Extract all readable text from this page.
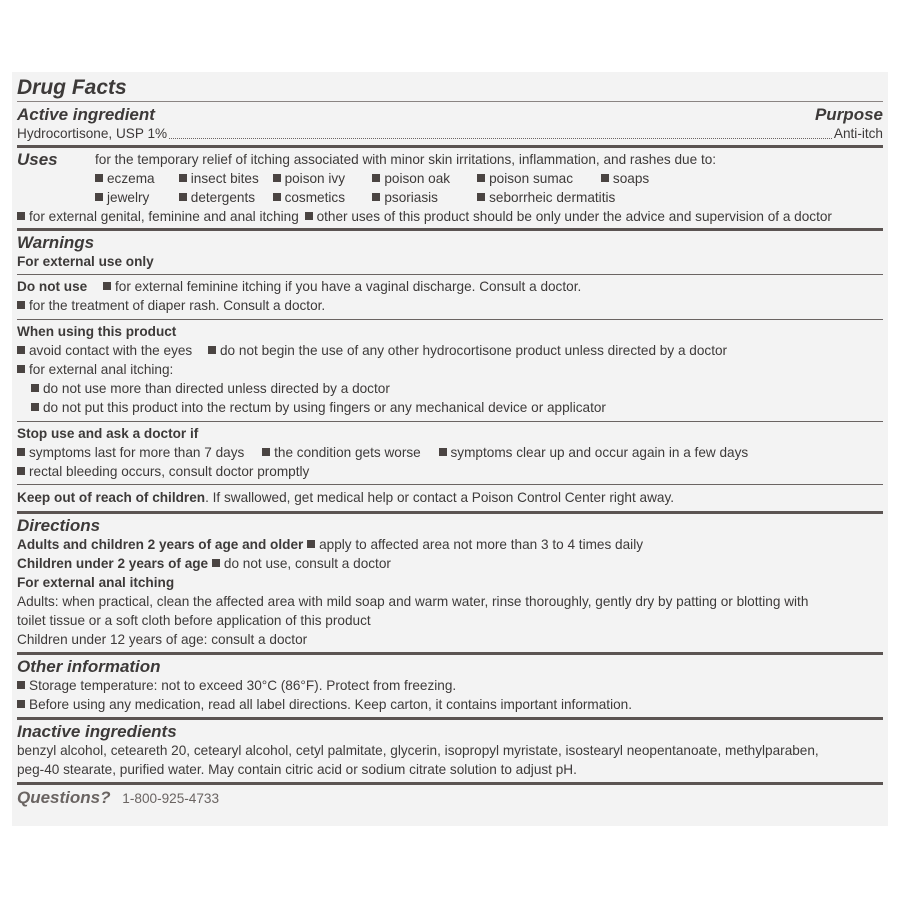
Drug Facts
Active ingredient	Purpose
Hydrocortisone, USP 1%	Anti-itch
Uses	for the temporary relief of itching associated with minor skin irritations, inflammation, and rashes due to:
eczema	insect bites poison ivy	poison oak	poison sumac	soaps
jewelry	detergents cosmetics	psoriasis	seborrheic dermatitis
for external genital, feminine and anal itching other uses of this product should be only under the advice and supervision of a doctor
Warnings
For external use only
Do not use for external feminine itching if you have a vaginal discharge. Consult a doctor.
for the treatment of diaper rash. Consult a doctor.
When using this product
avoid contact with the eyes do not begin the use of any other hydrocortisone product unless directed by a doctor
for external anal itching:
do not use more than directed unless directed by a doctor
do not put this product into the rectum by using fingers or any mechanical device or applicator
Stop use and ask a doctor if
symptoms last for more than 7 days the condition gets worse symptoms clear up and occur again in a few days
rectal bleeding occurs, consult doctor promptly
Keep out of reach of children. If swallowed, get medical help or contact a Poison Control Center right away.
Directions
Adults and children 2 years of age and older apply to affected area not more than 3 to 4 times daily
Children under 2 years of age do not use, consult a doctor
For external anal itching
Adults: when practical, clean the affected area with mild soap and warm water, rinse thoroughly, gently dry by patting or blotting with
toilet tissue or a soft cloth before application of this product
Children under 12 years of age: consult a doctor
Other information
Storage temperature: not to exceed 30°C (86°F). Protect from freezing.
Before using any medication, read all label directions. Keep carton, it contains important information.
Inactive ingredients
benzyl alcohol, ceteareth 20, cetearyl alcohol, cetyl palmitate, glycerin, isopropyl myristate, isostearyl neopentanoate, methylparaben,
peg-40 stearate, purified water. May contain citric acid or sodium citrate solution to adjust pH.
Questions? 1-800-925-4733
